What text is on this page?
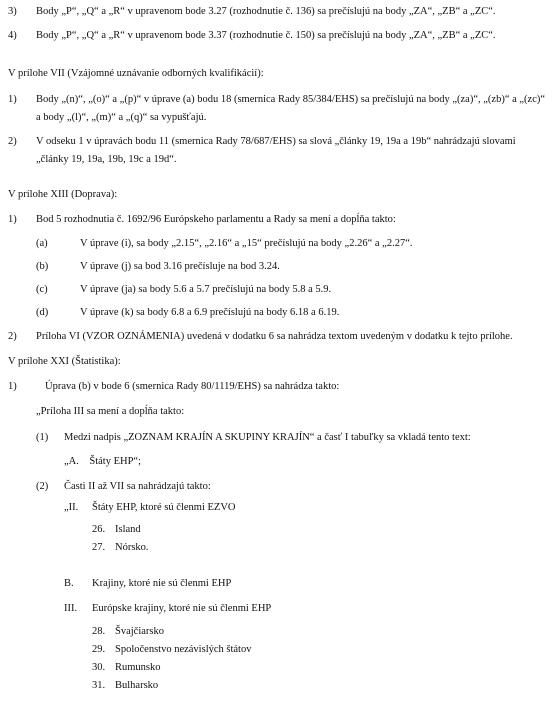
3) Body „P“, „Q“ a „R“ v upravenom bode 3.27 (rozhodnutie č. 136) sa prečíslujú na body „ZA“, „ZB“ a „ZC“.
4) Body „P“, „Q“ a „R“ v upravenom bode 3.37 (rozhodnutie č. 150) sa prečíslujú na body „ZA“, „ZB“ a „ZC“.
V prílohe VII (Vzájomné uznávanie odborných kvalifikácií):
1) Body „(n)“, „(o)“ a „(p)“ v úprave (a) bodu 18 (smernica Rady 85/384/EHS) sa prečíslujú na body „(za)“, „(zb)“ a „(zc)“
a body „(l)“, „(m)“ a „(q)“ sa vypušťajú.
2) V odseku 1 v úpravách bodu 11 (smernica Rady 78/687/EHS) sa slová „články 19, 19a a 19b“ nahrádzajú slovami
„články 19, 19a, 19b, 19c a 19d“.
V prílohe XIII (Doprava):
1) Bod 5 rozhodnutia č. 1692/96 Európskeho parlamentu a Rady sa mení a dopĺňa takto:
(a)	V úprave (i), sa body „2.15“, „2.16“ a „15“ prečíslujú na body „2.26“ a „2.27“.
(b)	V úprave (j) sa bod 3.16 prečísluje na bod 3.24.
(c)	V úprave (ja) sa body 5.6 a 5.7 prečíslujú na body 5.8 a 5.9.
(d)	V úprave (k) sa body 6.8 a 6.9 prečíslujú na body 6.18 a 6.19.
2) Príloha VI (VZOR OZNÁMENIA) uvedená v dodatku 6 sa nahrádza textom uvedeným v dodatku k tejto prílohe.
V prílohe XXI (Štatistika):
1)	Úprava (b) v bode 6 (smernica Rady 80/1119/EHS) sa nahrádza takto:
„Príloha III sa mení a dopĺňa takto:
(1) Medzi nadpis „ZOZNAM KRAJÍN A SKUPINY KRAJÍN“ a časť I tabuľky sa vkladá tento text:
„A. Štáty EHP“;
(2) Časti II až VII sa nahrádzajú takto:
„II. Štáty EHP, ktoré sú členmi EZVO
26. Island
27. Nórsko.
B. Krajiny, ktoré nie sú členmi EHP
III. Európske krajiny, ktoré nie sú členmi EHP
28. Švajčiarsko
29. Spoločenstvo nezávislých štátov
30. Rumunsko
31. Bulharsko
